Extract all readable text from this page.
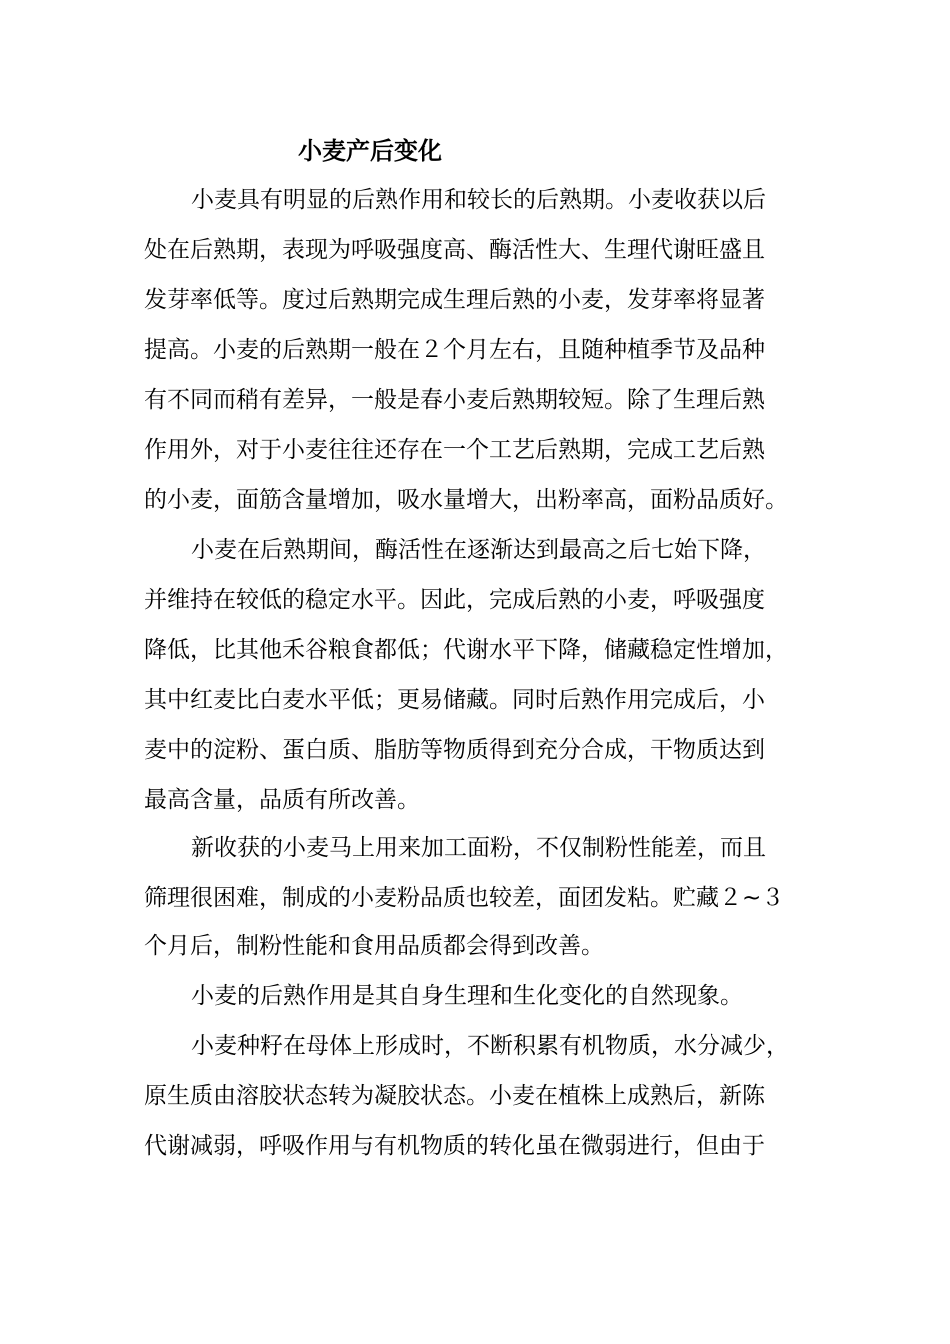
小麦产后变化

小麦具有明显的后熟作用和较长的后熟期。小麦收获以后

处在后熟期，表现为呼吸强度高、酶活性大、生理代谢旺盛且

发芽率低等。度过后熟期完成生理后熟的小麦，发芽率将显著

提高。小麦的后熟期一般在２个月左右，且随种植季节及品种

有不同而稍有差异，一般是春小麦后熟期较短。除了生理后熟

作用外，对于小麦往往还存在一个工艺后熟期，完成工艺后熟

的小麦，面筋含量增加，吸水量增大，出粉率高，面粉品质好。

小麦在后熟期间，酶活性在逐渐达到最高之后七始下降，

并维持在较低的稳定水平。因此，完成后熟的小麦，呼吸强度

降低，比其他禾谷粮食都低；代谢水平下降，储藏稳定性增加，

其中红麦比白麦水平低；更易储藏。同时后熟作用完成后，小

麦中的淀粉、蛋白质、脂肪等物质得到充分合成，干物质达到

最高含量，品质有所改善。

新收获的小麦马上用来加工面粉，不仅制粉性能差，而且

筛理很困难，制成的小麦粉品质也较差，面团发粘。贮藏２~３

个月后，制粉性能和食用品质都会得到改善。

小麦的后熟作用是其自身生理和生化变化的自然现象。

小麦种籽在母体上形成时，不断积累有机物质，水分减少，

原生质由溶胶状态转为凝胶状态。小麦在植株上成熟后，新陈

代谢减弱，呼吸作用与有机物质的转化虽在微弱进行，但由于
